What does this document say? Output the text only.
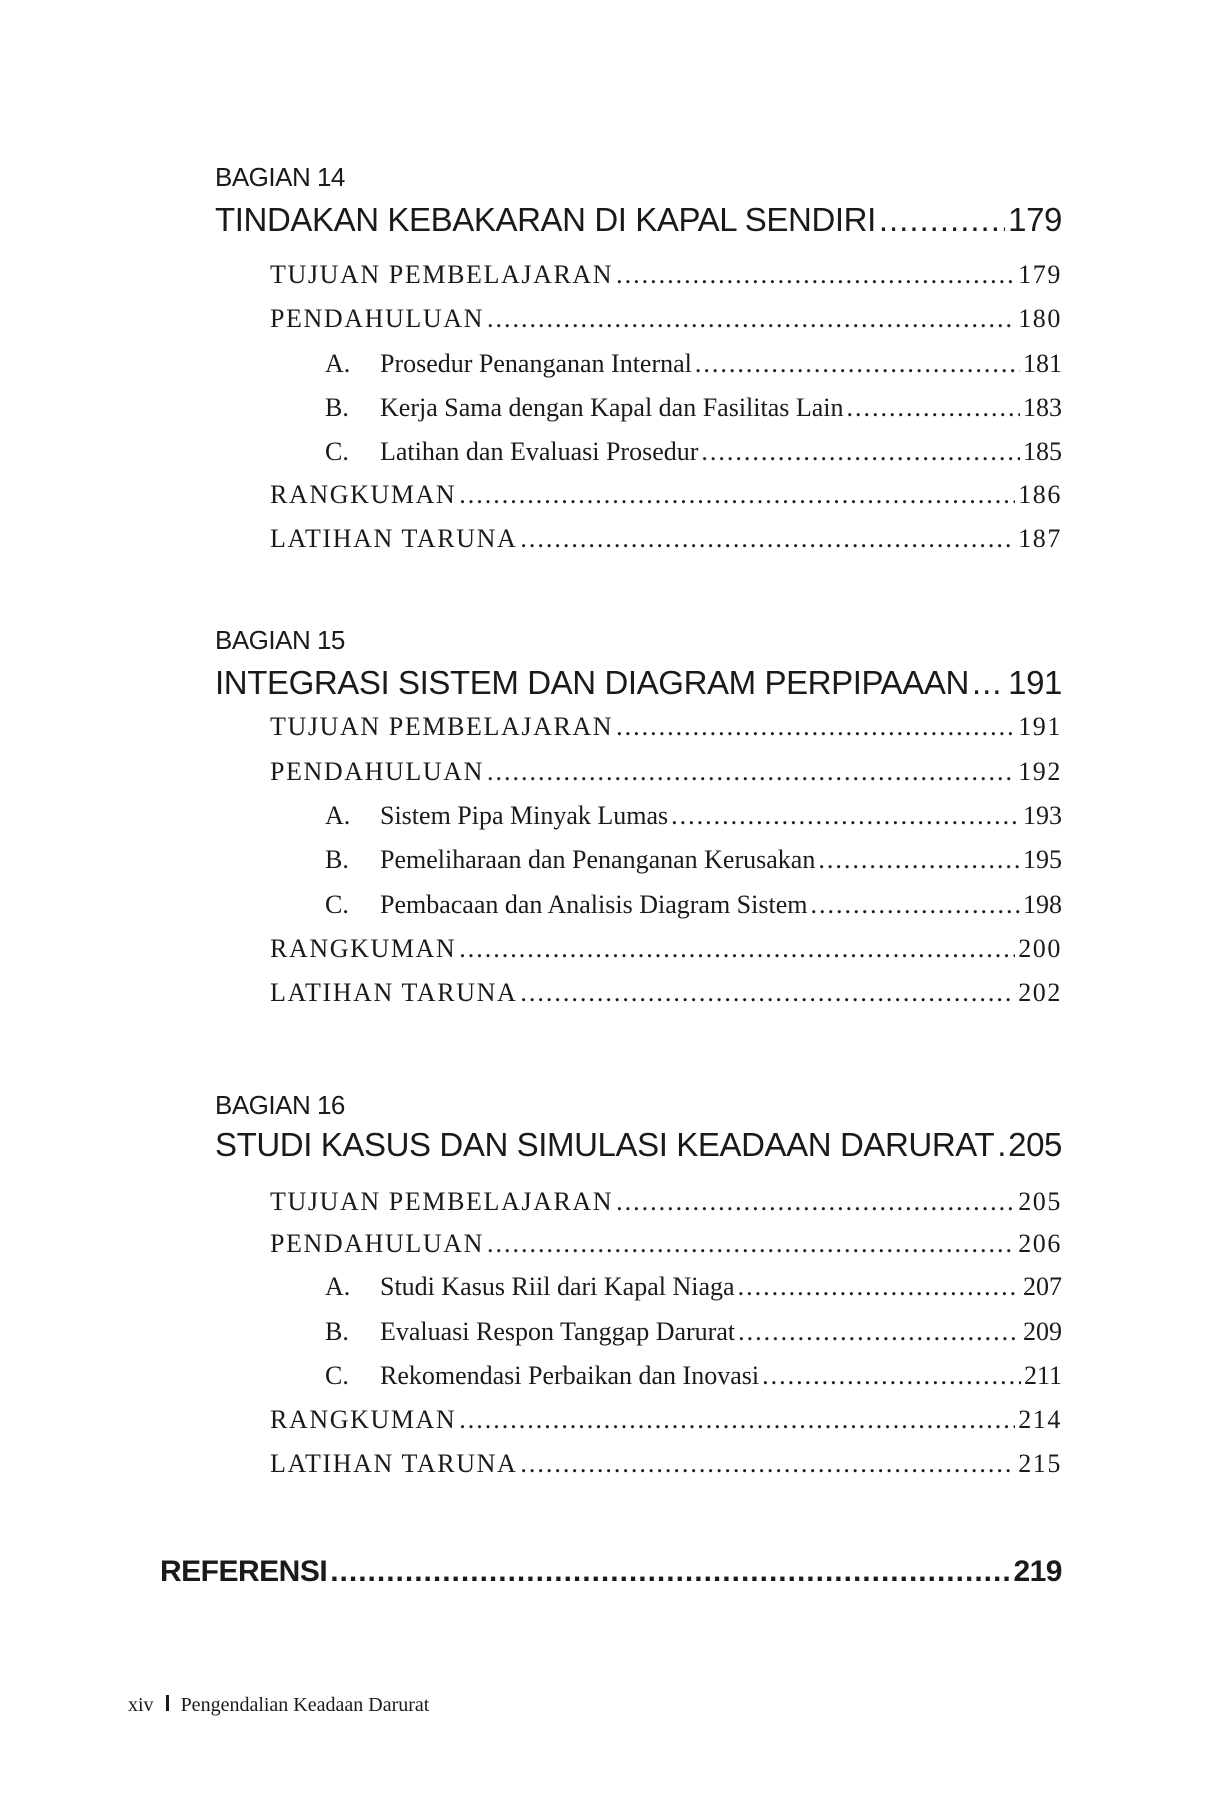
BAGIAN 14
TINDAKAN KEBAKARAN DI KAPAL SENDIRI .....	179
TUJUAN PEMBELAJARAN .....	179
PENDAHULUAN .....	180
A. Prosedur Penanganan Internal .....	181
B. Kerja Sama dengan Kapal dan Fasilitas Lain .....	183
C. Latihan dan Evaluasi Prosedur .....	185
RANGKUMAN .....	186
LATIHAN TARUNA .....	187
BAGIAN 15
INTEGRASI SISTEM DAN DIAGRAM PERPIPAAAN ..... 191
TUJUAN PEMBELAJARAN .....	191
PENDAHULUAN .....	192
A. Sistem Pipa Minyak Lumas .....	193
B. Pemeliharaan dan Penanganan Kerusakan .....	195
C. Pembacaan dan Analisis Diagram Sistem .....	198
RANGKUMAN .....	200
LATIHAN TARUNA .....	202
BAGIAN 16
STUDI KASUS DAN SIMULASI KEADAAN DARURAT ..... 205
TUJUAN PEMBELAJARAN .....	205
PENDAHULUAN .....	206
A. Studi Kasus Riil dari Kapal Niaga .....	207
B. Evaluasi Respon Tanggap Darurat .....	209
C. Rekomendasi Perbaikan dan Inovasi .....	211
RANGKUMAN .....	214
LATIHAN TARUNA .....	215
REFERENSI .....	219
xiv Pengendalian Keadaan Darurat
